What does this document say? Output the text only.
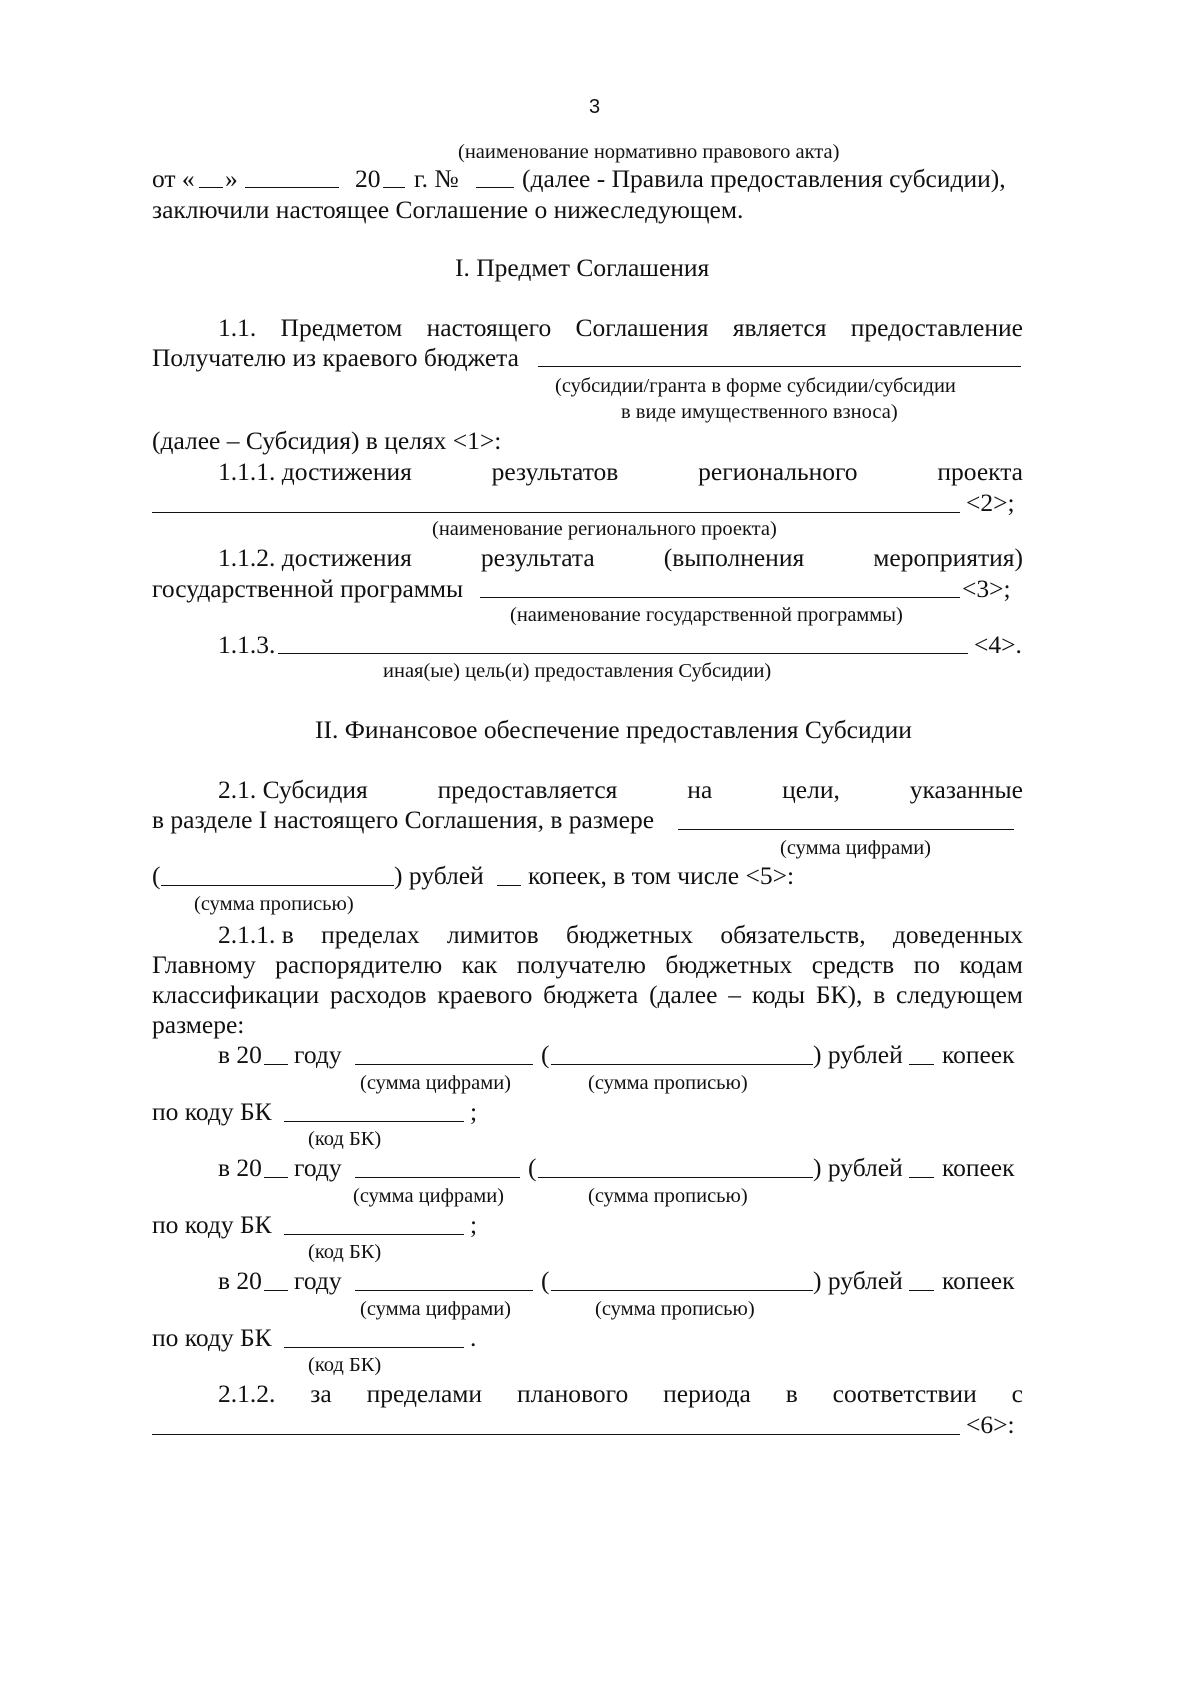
3
(наименование нормативно правового акта)
от « »	20 г. № (далее - Правила предоставления субсидии),
заключили настоящее Соглашение о нижеследующем.
I. Предмет Соглашения
1.1. Предметом настоящего Соглашения является предоставление
Получателю из краевого бюджета
(субсидии/гранта в форме субсидии/субсидии
в виде имущественного взноса)
(далее – Субсидия) в целях <1>:
1.1.1. достижения	результатов	регионального	проекта
<2>;
(наименование регионального проекта)
1.1.2. достижения	результата	(выполнения	мероприятия)
государственной программы	<3>;
(наименование государственной программы)
1.1.3.	<4>.
иная(ые) цель(и) предоставления Субсидии)
II. Финансовое обеспечение предоставления Субсидии
2.1. Субсидия	предоставляется	на	цели,	указанные
в разделе I настоящего Соглашения, в размере
(сумма цифрами)
(	) рублей копеек, в том числе <5>:
(сумма прописью)
2.1.1. в пределах лимитов бюджетных обязательств, доведенных
Главному распорядителю как получателю бюджетных средств по кодам
классификации расходов краевого бюджета (далее – коды БК), в следующем
размере:
в 20 году	(	) рублей копеек
(сумма цифрами)	(сумма прописью)
по коду БК	;
(код БК)
в 20 году	(	) рублей копеек
(сумма цифрами)	(сумма прописью)
по коду БК	;
(код БК)
в 20 году	(	) рублей копеек
(сумма цифрами)	(сумма прописью)
по коду БК	.
(код БК)
2.1.2. за пределами планового периода в соответствии с
<6>:
